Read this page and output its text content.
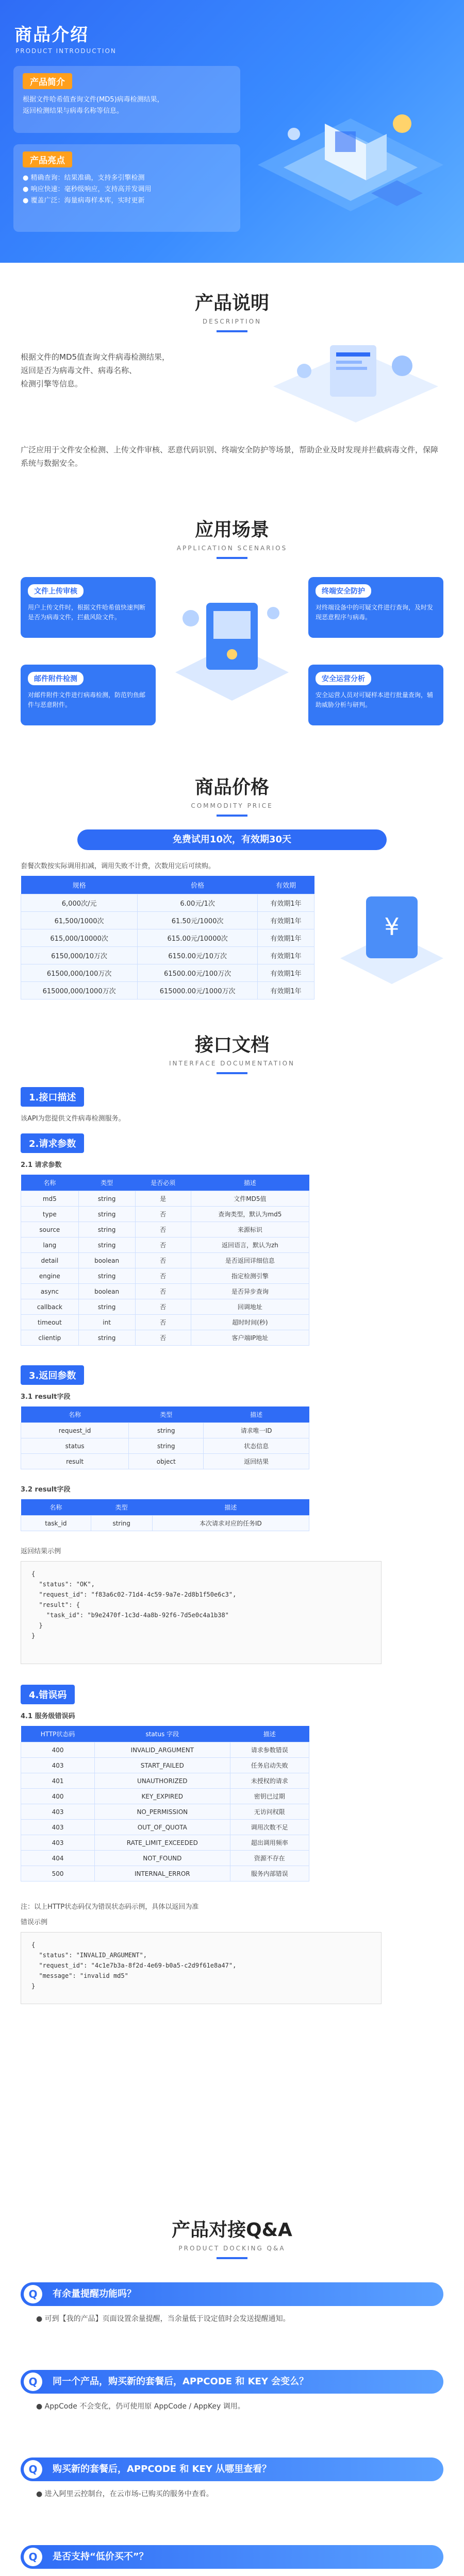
商品介绍
PRODUCT INTRODUCTION
产品简介

根据文件哈希值查询文件(MD5)病毒检测结果，
返回检测结果与病毒名称等信息。

产品亮点

● 精确查询：结果准确，支持多引擎检测

● 响应快速：毫秒级响应，支持高并发调用

● 覆盖广泛：海量病毒样本库，实时更新

产品说明
DESCRIPTION
根据文件的MD5值查询文件病毒检测结果，
返回是否为病毒文件、病毒名称、
检测引擎等信息。
广泛应用于文件安全检测、上传文件审核、恶意代码识别、终端安全防护等场景，帮助企业及时发现并拦截病毒文件，保障系统与数据安全。
应用场景
APPLICATION SCENARIOS
文件上传审核

用户上传文件时，根据文件哈希值快速判断是否为病毒文件，拦截风险文件。

终端安全防护

对终端设备中的可疑文件进行查询，及时发现恶意程序与病毒。

邮件附件检测

对邮件附件文件进行病毒检测，防范钓鱼邮件与恶意附件。

安全运营分析

安全运营人员对可疑样本进行批量查询，辅助威胁分析与研判。

商品价格
COMMODITY PRICE
免费试用10次，有效期30天
套餐次数按实际调用扣减，调用失败不计费，次数用完后可续购。
规格	价格	有效期
6,000次/元	6.00元/1次	有效期1年
61,500/1000次	61.50元/1000次	有效期1年
615,000/10000次	615.00元/10000次	有效期1年
6150,000/10万次	6150.00元/10万次	有效期1年
61500,000/100万次	61500.00元/100万次	有效期1年
615000,000/1000万次	615000.00元/1000万次	有效期1年
¥
接口文档
INTERFACE DOCUMENTATION
1.接口描述
该API为您提供文件病毒检测服务。
2.请求参数
2.1 请求参数
名称	类型	是否必须	描述
md5	string	是	文件MD5值
type	string	否	查询类型，默认为md5
source	string	否	来源标识
lang	string	否	返回语言，默认为zh
detail	boolean	否	是否返回详细信息
engine	string	否	指定检测引擎
async	boolean	否	是否异步查询
callback	string	否	回调地址
timeout	int	否	超时时间(秒)
clientip	string	否	客户端IP地址
3.返回参数
3.1 result字段
名称	类型	描述
request_id	string	请求唯一ID
status	string	状态信息
result	object	返回结果
3.2 result字段
名称	类型	描述
task_id	string	本次请求对应的任务ID
返回结果示例
{
"status": "OK",
"request_id": "f83a6c02-71d4-4c59-9a7e-2d8b1f50e6c3",
"result": {
"task_id": "b9e2470f-1c3d-4a8b-92f6-7d5e0c4a1b38"
}
}
4.错误码
4.1 服务级错误码
HTTP状态码	status 字段	描述
400	INVALID_ARGUMENT	请求参数错误
403	START_FAILED	任务启动失败
401	UNAUTHORIZED	未授权的请求
400	KEY_EXPIRED	密钥已过期
403	NO_PERMISSION	无访问权限
403	OUT_OF_QUOTA	调用次数不足
403	RATE_LIMIT_EXCEEDED	超出调用频率
404	NOT_FOUND	资源不存在
500	INTERNAL_ERROR	服务内部错误
注：以上HTTP状态码仅为错误状态码示例，具体以返回为准
错误示例
{
"status": "INVALID_ARGUMENT",
"request_id": "4c1e7b3a-8f2d-4e69-b0a5-c2d9f61e8a47",
"message": "invalid md5"
}
产品对接Q&A
PRODUCT DOCKING Q&A
Q	有余量提醒功能吗？
● 可到【我的产品】页面设置余量提醒，当余量低于设定值时会发送提醒通知。
Q	同一个产品，购买新的套餐后，APPCODE 和 KEY 会变么？
● AppCode 不会变化，仍可使用原 AppCode / AppKey 调用。
Q	购买新的套餐后，APPCODE 和 KEY 从哪里查看？
● 进入阿里云控制台，在云市场-已购买的服务中查看。
Q	是否支持“低价买不”？
